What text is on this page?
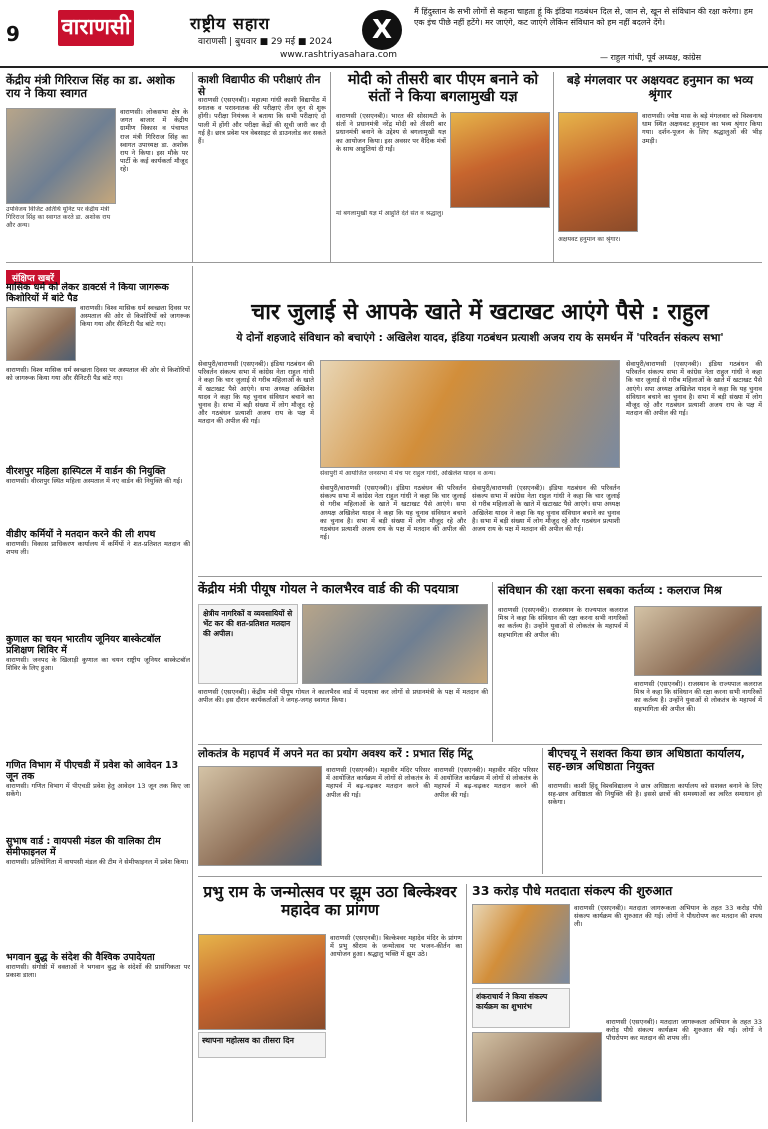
9 वाराणसी	राष्ट्रीय सहारा
वाराणसी | बुधवार ■ 29 मई ■ 2024
www.rashtriyasahara.com
X
मैं हिंदुस्तान के सभी लोगों से कहना चाहता हूं कि इंडिया गठबंधन दिल से, जान से, खून से संविधान की रक्षा करेगा। हम एक इंच पीछे नहीं हटेंगे। मर जाएंगे, कट जाएंगे लेकिन संविधान को हम नहीं बदलने देंगे।
— राहुल गांधी, पूर्व अध्यक्ष, कांग्रेस
केंद्रीय मंत्री गिरिराज सिंह का डा. अशोक राय ने किया स्वागत
वाराणसी। लोकसभा क्षेत्र के जगत बाजार में केंद्रीय ग्रामीण विकास व पंचायत राज मंत्री गिरिराज सिंह का स्वागत उपाध्यक्ष डा. अशोक राय ने किया। इस मौके पर पार्टी के कई कार्यकर्ता मौजूद रहे।
उपविजय विजिट अतिथि यूनिट पर केंद्रीय मंत्री गिरिराज सिंह का स्वागत करते डा. अशोक राय और अन्य।
काशी विद्यापीठ की परीक्षाएं तीन से
वाराणसी (एसएनबी)। महात्मा गांधी काशी विद्यापीठ में स्नातक व परास्नातक की परीक्षाएं तीन जून से शुरू होंगी। परीक्षा नियंत्रक ने बताया कि सभी परीक्षाएं दो पाली में होंगी और परीक्षा केंद्रों की सूची जारी कर दी गई है। छात्र प्रवेश पत्र वेबसाइट से डाउनलोड कर सकते हैं।
मोदी को तीसरी बार पीएम बनाने को संतों ने किया बगलामुखी यज्ञ
वाराणसी (एसएनबी)। भारत की सोसायटी के संतों ने प्रधानमंत्री नरेंद्र मोदी को तीसरी बार प्रधानमंत्री बनाने के उद्देश्य से बगलामुखी यज्ञ का आयोजन किया। इस अवसर पर वैदिक मंत्रों के साथ आहुतियां दी गईं।
मां बगलामुखी यज्ञ में आहुति देते संत व श्रद्धालु।
बड़े मंगलवार पर अक्षयवट हनुमान का भव्य श्रृंगार
वाराणसी। ज्येष्ठ मास के बड़े मंगलवार को विश्वनाथ धाम स्थित अक्षयवट हनुमान का भव्य श्रृंगार किया गया। दर्शन-पूजन के लिए श्रद्धालुओं की भीड़ उमड़ी।
अक्षयवट हनुमान का श्रृंगार।
संक्षिप्त खबरें
मासिक धर्म को लेकर डाक्टर्स ने किया जागरूक किशोरियों में बांटे पैड
वाराणसी। विश्व मासिक धर्म स्वच्छता दिवस पर अस्पताल की ओर से किशोरियों को जागरूक किया गया और सैनिटरी पैड बांटे गए।
वाराणसी। विश्व मासिक धर्म स्वच्छता दिवस पर अस्पताल की ओर से किशोरियों को जागरूक किया गया और सैनिटरी पैड बांटे गए।
वीरशपुर महिला हास्पिटल में वार्डन की नियुक्ति
वाराणसी। वीरशपुर स्थित महिला अस्पताल में नए वार्डन की नियुक्ति की गई।
वीडीए कर्मियों ने मतदान करने की ली शपथ
वाराणसी। विकास प्राधिकरण कार्यालय में कर्मियों ने शत-प्रतिशत मतदान की शपथ ली।
कुणाल का चयन भारतीय जूनियर बास्केटबॉल प्रशिक्षण शिविर में
वाराणसी। जनपद के खिलाड़ी कुणाल का चयन राष्ट्रीय जूनियर बास्केटबॉल शिविर के लिए हुआ।
गणित विभाग में पीएचडी में प्रवेश को आवेदन 13 जून तक
वाराणसी। गणित विभाग में पीएचडी प्रवेश हेतु आवेदन 13 जून तक किए जा सकेंगे।
सुभाष वार्ड : वायपसी मंडल की वालिका टीम सेमीफाइनल में
वाराणसी। प्रतियोगिता में वायपसी मंडल की टीम ने सेमीफाइनल में प्रवेश किया।
भगवान बुद्ध के संदेश की वैश्विक उपादेयता
वाराणसी। संगोष्ठी में वक्ताओं ने भगवान बुद्ध के संदेशों की प्रासंगिकता पर प्रकाश डाला।
चार जुलाई से आपके खाते में खटाखट आएंगे पैसे : राहुल
ये दोनों शहजादे संविधान को बचाएंगे : अखिलेश यादव, इंडिया गठबंधन प्रत्याशी अजय राय के समर्थन में 'परिवर्तन संकल्प सभा'
सेवापुरी/वाराणसी (एसएनबी)। इंडिया गठबंधन की परिवर्तन संकल्प सभा में कांग्रेस नेता राहुल गांधी ने कहा कि चार जुलाई से गरीब महिलाओं के खाते में खटाखट पैसे आएंगे। सपा अध्यक्ष अखिलेश यादव ने कहा कि यह चुनाव संविधान बचाने का चुनाव है। सभा में बड़ी संख्या में लोग मौजूद रहे और गठबंधन प्रत्याशी अजय राय के पक्ष में मतदान की अपील की गई।
सेवापुरी में आयोजित जनसभा में मंच पर राहुल गांधी, अखिलेश यादव व अन्य।
सेवापुरी/वाराणसी (एसएनबी)। इंडिया गठबंधन की परिवर्तन संकल्प सभा में कांग्रेस नेता राहुल गांधी ने कहा कि चार जुलाई से गरीब महिलाओं के खाते में खटाखट पैसे आएंगे। सपा अध्यक्ष अखिलेश यादव ने कहा कि यह चुनाव संविधान बचाने का चुनाव है। सभा में बड़ी संख्या में लोग मौजूद रहे और गठबंधन प्रत्याशी अजय राय के पक्ष में मतदान की अपील की गई।
सेवापुरी/वाराणसी (एसएनबी)। इंडिया गठबंधन की परिवर्तन संकल्प सभा में कांग्रेस नेता राहुल गांधी ने कहा कि चार जुलाई से गरीब महिलाओं के खाते में खटाखट पैसे आएंगे। सपा अध्यक्ष अखिलेश यादव ने कहा कि यह चुनाव संविधान बचाने का चुनाव है। सभा में बड़ी संख्या में लोग मौजूद रहे और गठबंधन प्रत्याशी अजय राय के पक्ष में मतदान की अपील की गई।
सेवापुरी/वाराणसी (एसएनबी)। इंडिया गठबंधन की परिवर्तन संकल्प सभा में कांग्रेस नेता राहुल गांधी ने कहा कि चार जुलाई से गरीब महिलाओं के खाते में खटाखट पैसे आएंगे। सपा अध्यक्ष अखिलेश यादव ने कहा कि यह चुनाव संविधान बचाने का चुनाव है। सभा में बड़ी संख्या में लोग मौजूद रहे और गठबंधन प्रत्याशी अजय राय के पक्ष में मतदान की अपील की गई।
केंद्रीय मंत्री पीयूष गोयल ने कालभैरव वार्ड की की पदयात्रा
क्षेत्रीय नागरिकों व व्यवसायियों से भेंट कर की शत-प्रतिशत मतदान की अपील।
वाराणसी (एसएनबी)। केंद्रीय मंत्री पीयूष गोयल ने कालभैरव वार्ड में पदयात्रा कर लोगों से प्रधानमंत्री के पक्ष में मतदान की अपील की। इस दौरान कार्यकर्ताओं ने जगह-जगह स्वागत किया।
संविधान की रक्षा करना सबका कर्तव्य : कलराज मिश्र
वाराणसी (एसएनबी)। राजस्थान के राज्यपाल कलराज मिश्र ने कहा कि संविधान की रक्षा करना सभी नागरिकों का कर्तव्य है। उन्होंने युवाओं से लोकतंत्र के महापर्व में सहभागिता की अपील की।
वाराणसी (एसएनबी)। राजस्थान के राज्यपाल कलराज मिश्र ने कहा कि संविधान की रक्षा करना सभी नागरिकों का कर्तव्य है। उन्होंने युवाओं से लोकतंत्र के महापर्व में सहभागिता की अपील की।
लोकतंत्र के महापर्व में अपने मत का प्रयोग अवश्य करें : प्रभात सिंह मिंटू
वाराणसी (एसएनबी)। महावीर मंदिर परिसर में आयोजित कार्यक्रम में लोगों से लोकतंत्र के महापर्व में बढ़-चढ़कर मतदान करने की अपील की गई।
वाराणसी (एसएनबी)। महावीर मंदिर परिसर में आयोजित कार्यक्रम में लोगों से लोकतंत्र के महापर्व में बढ़-चढ़कर मतदान करने की अपील की गई।
बीएचयू ने सशक्त किया छात्र अधिष्ठाता कार्यालय, सह-छात्र अधिष्ठाता नियुक्त
वाराणसी। काशी हिंदू विश्वविद्यालय ने छात्र अधिष्ठाता कार्यालय को सशक्त बनाने के लिए सह-छात्र अधिष्ठाता की नियुक्ति की है। इससे छात्रों की समस्याओं का त्वरित समाधान हो सकेगा।
प्रभु राम के जन्मोत्सव पर झूम उठा बिल्केश्वर महादेव का प्रांगण
स्थापना महोत्सव का तीसरा दिन
वाराणसी (एसएनबी)। बिल्केश्वर महादेव मंदिर के प्रांगण में प्रभु श्रीराम के जन्मोत्सव पर भजन-कीर्तन का आयोजन हुआ। श्रद्धालु भक्ति में झूम उठे।
33 करोड़ पौधे मतदाता संकल्प की शुरुआत
वाराणसी (एसएनबी)। मतदाता जागरूकता अभियान के तहत 33 करोड़ पौधे संकल्प कार्यक्रम की शुरुआत की गई। लोगों ने पौधरोपण कर मतदान की शपथ ली।
शंकराचार्य ने किया संकल्प कार्यक्रम का शुभारंभ
वाराणसी (एसएनबी)। मतदाता जागरूकता अभियान के तहत 33 करोड़ पौधे संकल्प कार्यक्रम की शुरुआत की गई। लोगों ने पौधरोपण कर मतदान की शपथ ली।
